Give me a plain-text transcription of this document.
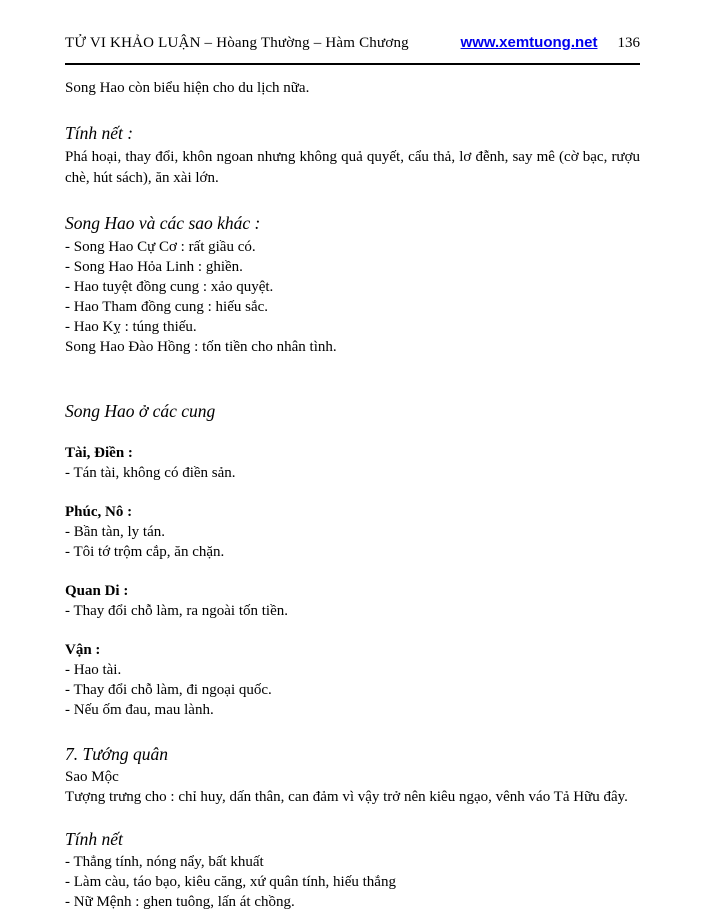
TỬ VI KHẢO LUẬN – Hòang Thường – Hàm Chương	www.xemtuong.net 136

Song Hao còn biểu hiện cho du lịch nữa.

Tính nết :

Phá hoại, thay đổi, khôn ngoan nhưng không quả quyết, cẩu thả, lơ đễnh, say mê (cờ bạc, rượu chè, hút sách), ăn xài lớn.

Song Hao và các sao khác :

- Song Hao Cự Cơ : rất giầu có.

- Song Hao Hỏa Linh : ghiền.

- Hao tuyệt đồng cung : xảo quyệt.

- Hao Tham đồng cung : hiếu sắc.

- Hao Kỵ : túng thiếu.

Song Hao Đào Hồng : tốn tiền cho nhân tình.

Song Hao ở các cung
Tài, Điền :

- Tán tài, không có điền sản.

Phúc, Nô :

- Bần tàn, ly tán.

- Tôi tớ trộm cắp, ăn chặn.

Quan Di :

- Thay đổi chỗ làm, ra ngoài tốn tiền.

Vận :

- Hao tài.

- Thay đổi chỗ làm, đi ngoại quốc.

- Nếu ốm đau, mau lành.

7. Tướng quân

Sao Mộc

Tượng trưng cho : chỉ huy, dấn thân, can đảm vì vậy trở nên kiêu ngạo, vênh váo Tả Hữu đây.

Tính nết

- Thẳng tính, nóng nẩy, bất khuất

- Làm càu, táo bạo, kiêu căng, xứ quân tính, hiếu thắng

- Nữ Mệnh : ghen tuông, lấn át chồng.
